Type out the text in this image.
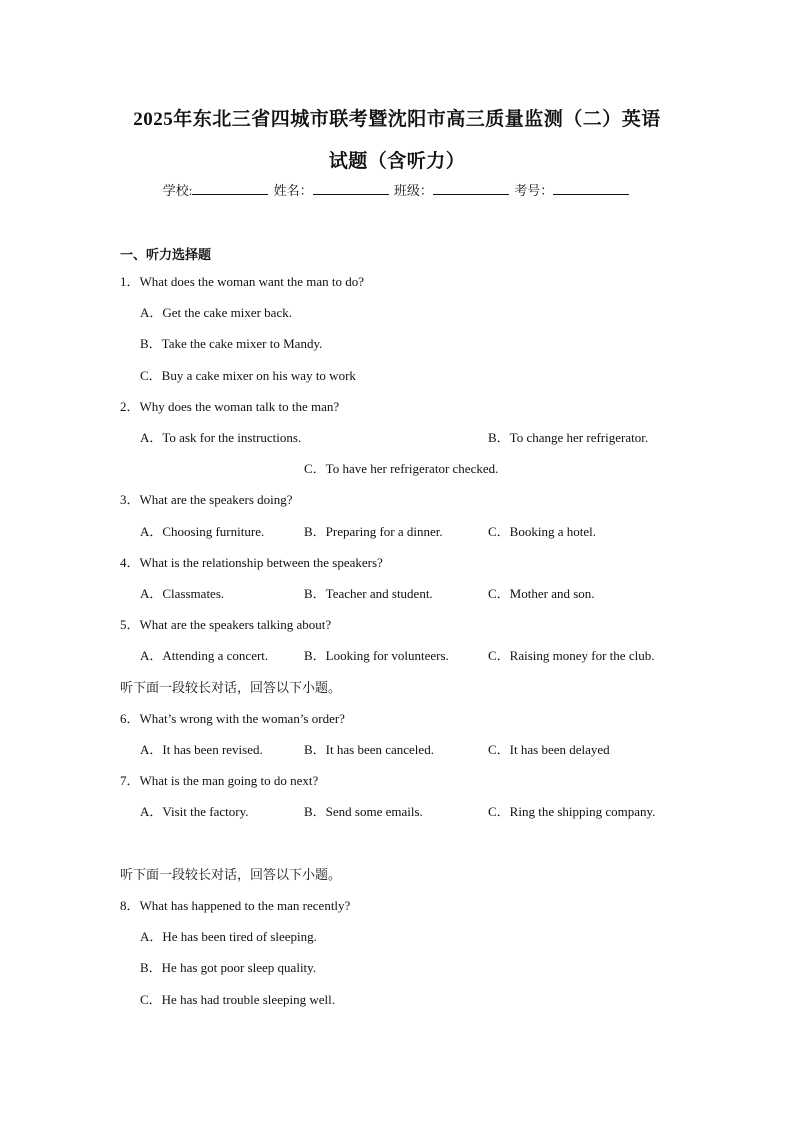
2025年东北三省四城市联考暨沈阳市高三质量监测（二）英语
试题（含听力）
学校:	姓名：	班级：	考号：
一、听力选择题
1．What does the woman want the man to do?
A．Get the cake mixer back.
B．Take the cake mixer to Mandy.
C．Buy a cake mixer on his way to work
2．Why does the woman talk to the man?
A．To ask for the instructions.	B．To change her refrigerator.
C．To have her refrigerator checked.
3．What are the speakers doing?
A．Choosing furniture.	B．Preparing for a dinner.	C．Booking a hotel.
4．What is the relationship between the speakers?
A．Classmates.	B．Teacher and student.	C．Mother and son.
5．What are the speakers talking about?
A．Attending a concert.	B．Looking for volunteers.	C．Raising money for the club.
听下面一段较长对话，回答以下小题。
6．What’s wrong with the woman’s order?
A．It has been revised.	B．It has been canceled.	C．It has been delayed
7．What is the man going to do next?
A．Visit the factory.	B．Send some emails.	C．Ring the shipping company.
听下面一段较长对话，回答以下小题。
8．What has happened to the man recently?
A．He has been tired of sleeping.
B．He has got poor sleep quality.
C．He has had trouble sleeping well.
